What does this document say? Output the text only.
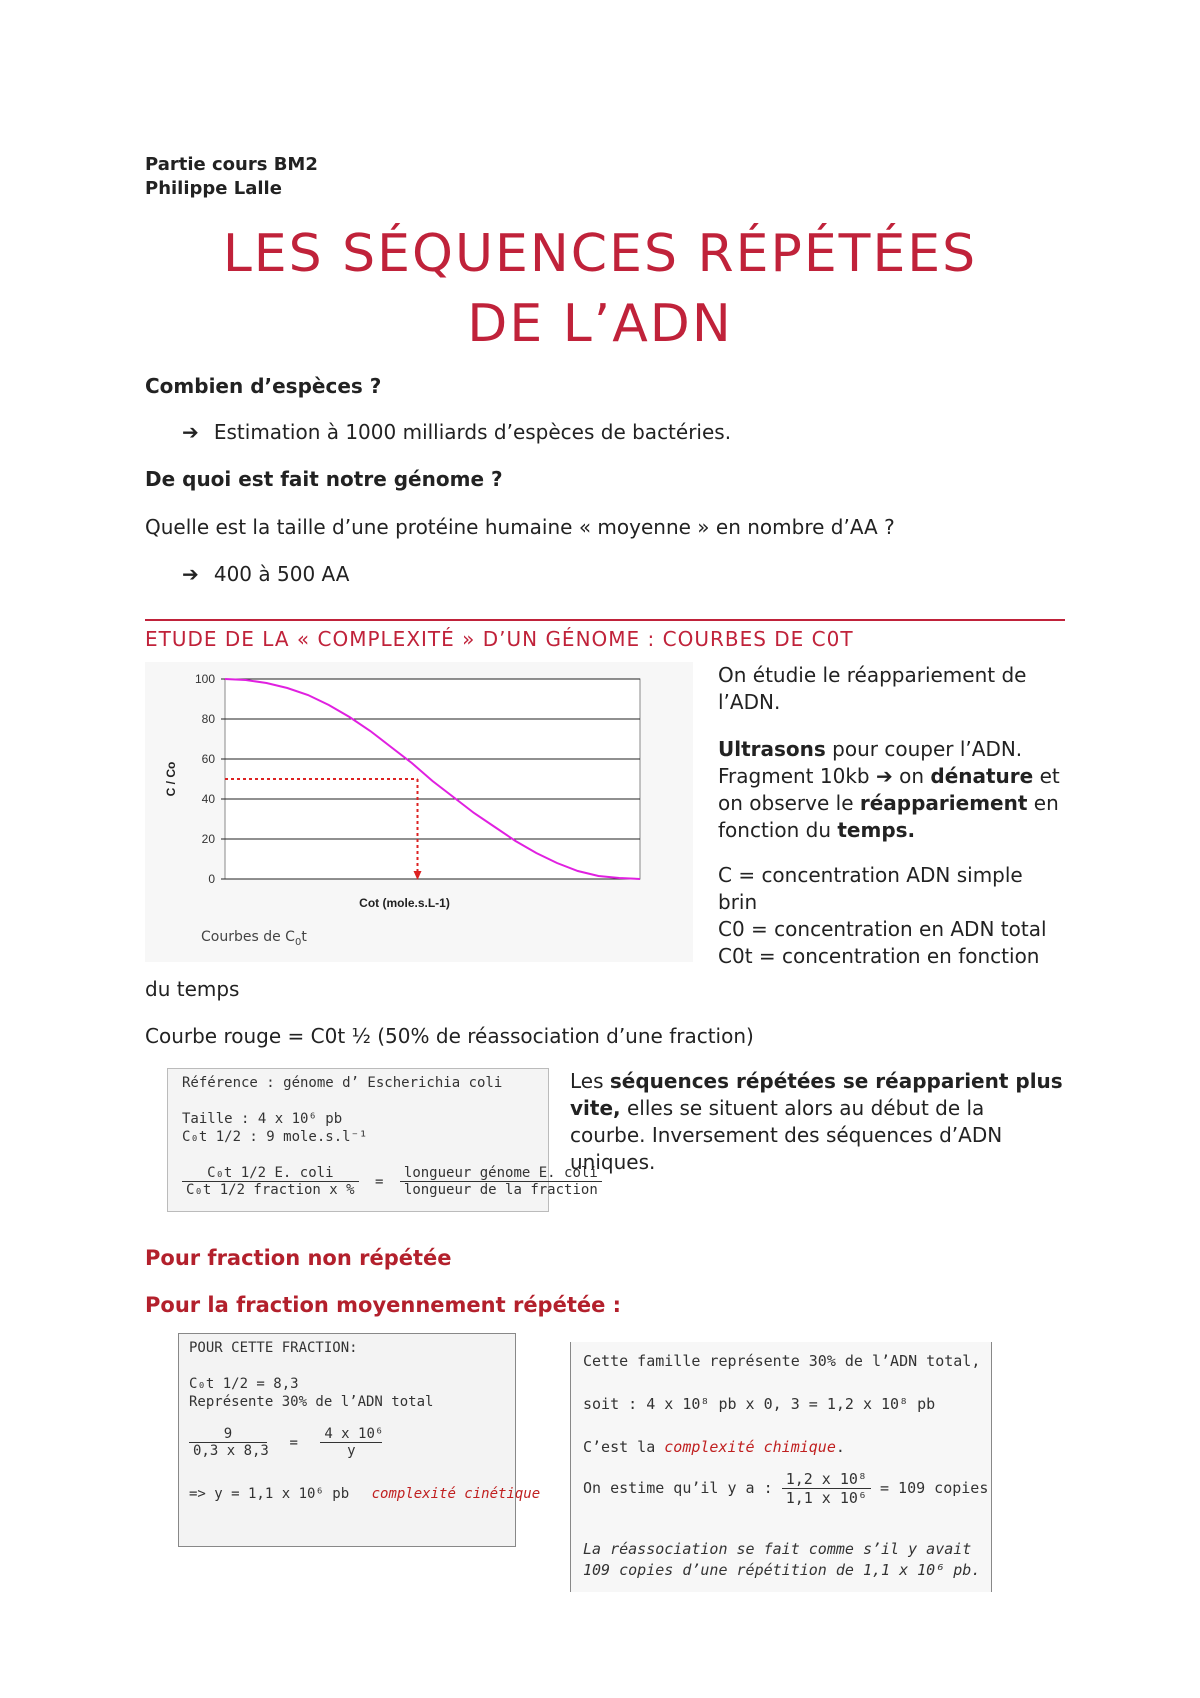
Partie cours BM2
Philippe Lalle
LES SÉQUENCES RÉPÉTÉES
DE L’ADN
Combien d’espèces ?
➔ Estimation à 1000 milliards d’espèces de bactéries.
De quoi est fait notre génome ?
Quelle est la taille d’une protéine humaine « moyenne » en nombre d’AA ?
➔ 400 à 500 AA
ETUDE DE LA « COMPLEXITÉ » D’UN GÉNOME : COURBES DE C0T
100
80
60
40
20
0
C / Co
Cot (mole.s.L-1)
Courbes de $C_0t$
On étudie le réappariement de l’ADN.
Ultrasons pour couper l’ADN. Fragment 10kb ➔ on dénature et on observe le réappariement en fonction du temps.
C = concentration ADN simple brin
C0 = concentration en ADN total
C0t = concentration en fonction
du temps
Courbe rouge = C0t ½ (50% de réassociation d’une fraction)
Référence : génome d’ Escherichia coli
Taille : 4 x 10⁶ pb
C₀t 1/2 : 9 mole.s.l⁻¹
$\frac{\text{C₀t 1/2 E. coli}}{\text{C₀t 1/2 fraction x \%}} = \frac{\text{longueur génome E. coli}}{\text{longueur de la fraction}}$
Les séquences répétées se réapparient plus vite, elles se situent alors au début de la courbe. Inversement des séquences d’ADN uniques.
Pour fraction non répétée
Pour la fraction moyennement répétée :
POUR CETTE FRACTION:
C₀t 1/2 = 8,3
Représente 30% de l’ADN total
$\frac{9}{0,3 x 8,3} = \frac{\text{4 x 10⁶}}{y}$
=> y = 1,1 x 10⁶ pb complexité cinétique
Cette famille représente 30% de l’ADN total,
soit : 4 x 10⁸ pb x 0, 3 = 1,2 x 10⁸ pb
C’est la complexité chimique.
On estime qu’il y a : $\frac{\text{1,2 x 10⁸}}{\text{1,1 x 10⁶}} = 109$ copies
La réassociation se fait comme s’il y avait
109 copies d’une répétition de 1,1 x 10⁶ pb.
